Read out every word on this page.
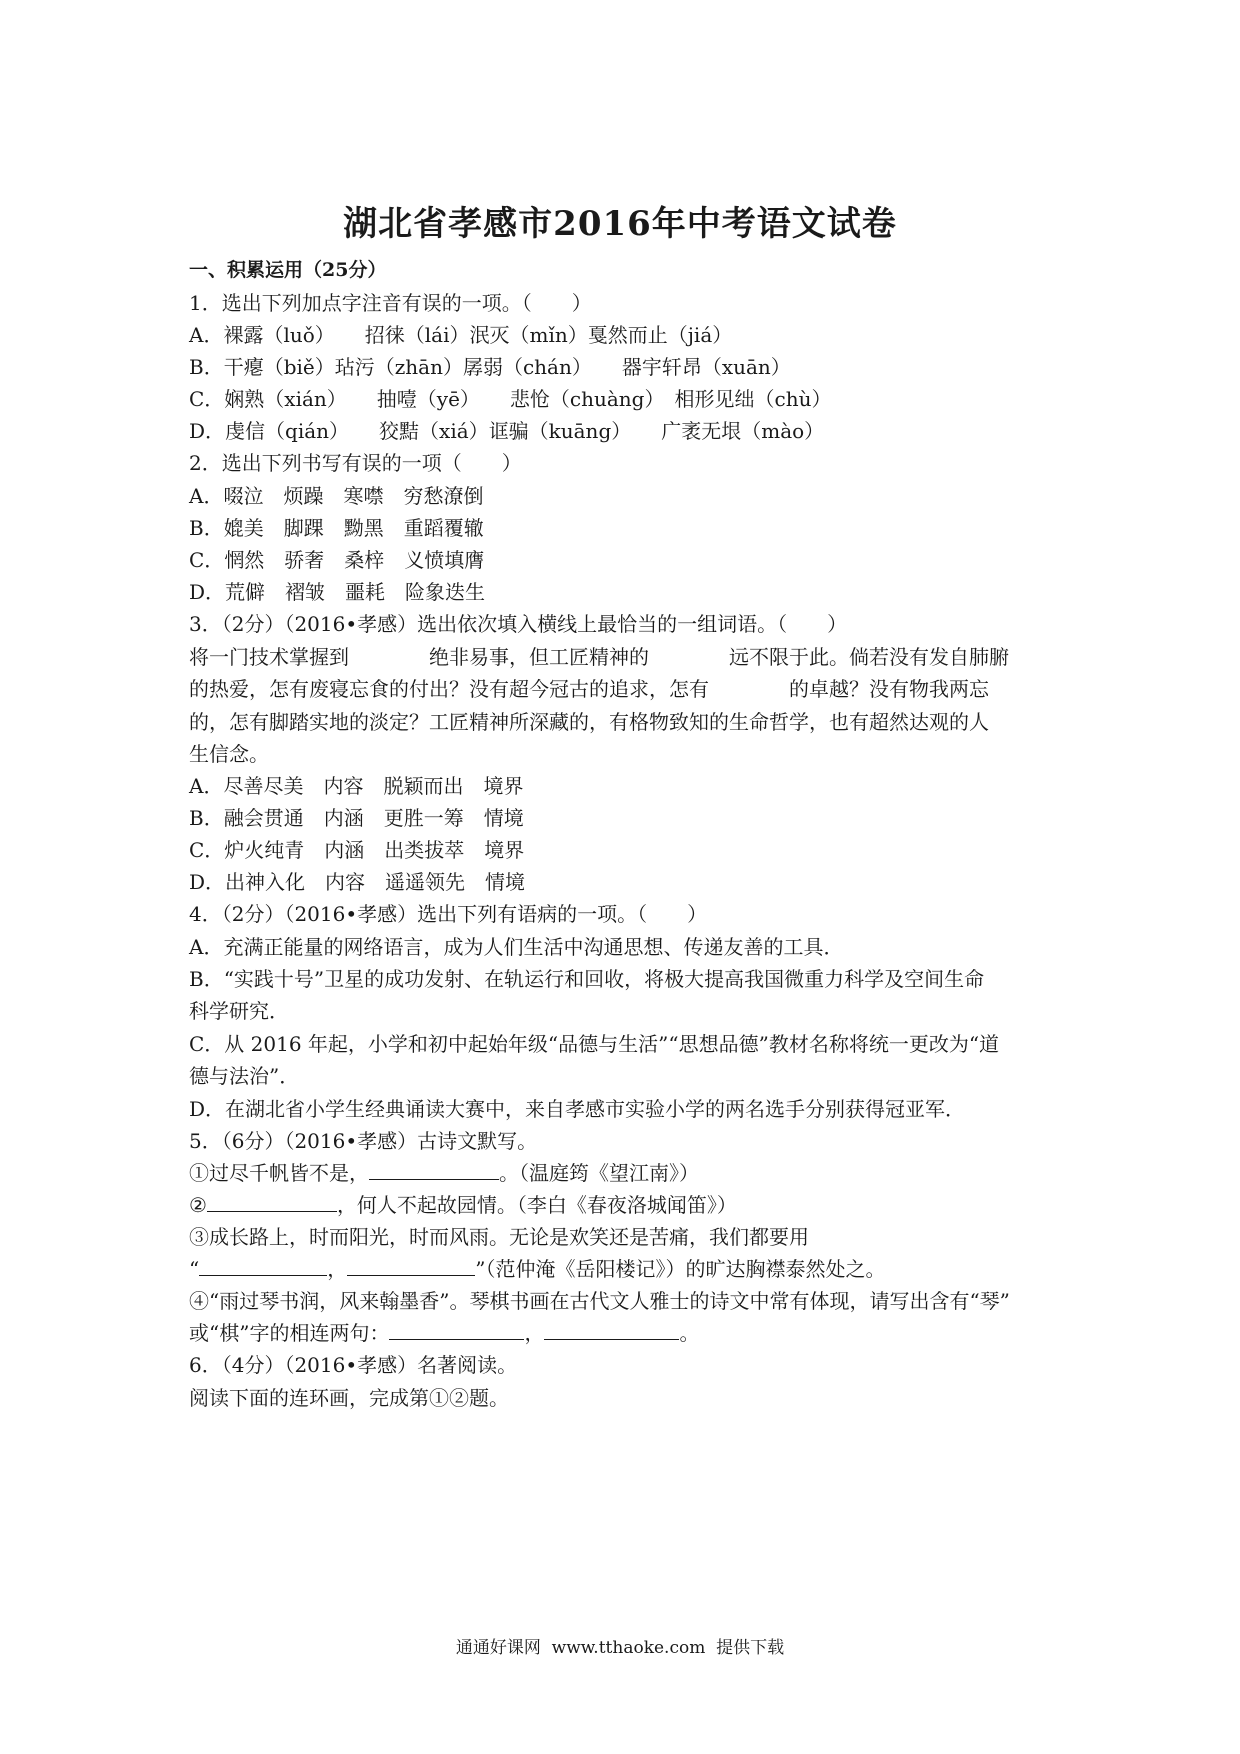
湖北省孝感市2016年中考语文试卷
一、积累运用（25分）
1．选出下列加点字注音有误的一项。（　　）
A．裸露（luǒ）　　招徕（lái）泯灭（mǐn）戛然而止（jiá）
B．干瘪（biě）玷污（zhān）孱弱（chán）　　器宇轩昂（xuān）
C．娴熟（xián）　　抽噎（yē）　　悲怆（chuàng）　相形见绌（chù）
D．虔信（qián）　　狡黠（xiá）诓骗（kuāng）　　广袤无垠（mào）
2．选出下列书写有误的一项（　　）
A．啜泣　烦躁　寒噤　穷愁潦倒
B．媲美　脚踝　黝黑　重蹈覆辙
C．惘然　骄奢　桑梓　义愤填膺
D．荒僻　褶皱　噩耗　险象迭生
3．（2分）（2016•孝感）选出依次填入横线上最恰当的一组词语。（　　）
将一门技术掌握到　　　　绝非易事，但工匠精神的　　　　远不限于此。倘若没有发自肺腑
的热爱，怎有废寝忘食的付出？没有超今冠古的追求，怎有　　　　的卓越？没有物我两忘
的，怎有脚踏实地的淡定？工匠精神所深藏的，有格物致知的生命哲学，也有超然达观的人
生信念。
A．尽善尽美　内容　脱颖而出　境界
B．融会贯通　内涵　更胜一筹　情境
C．炉火纯青　内涵　出类拔萃　境界
D．出神入化　内容　遥遥领先　情境
4．（2分）（2016•孝感）选出下列有语病的一项。（　　）
A．充满正能量的网络语言，成为人们生活中沟通思想、传递友善的工具．
B．“实践十号”卫星的成功发射、在轨运行和回收，将极大提高我国微重力科学及空间生命
科学研究．
C．从 2016 年起，小学和初中起始年级“品德与生活”“思想品德”教材名称将统一更改为“道
德与法治”．
D．在湖北省小学生经典诵读大赛中，来自孝感市实验小学的两名选手分别获得冠亚军．
5．（6分）（2016•孝感）古诗文默写。
①过尽千帆皆不是，	。（温庭筠《望江南》）
②	，何人不起故园情。（李白《春夜洛城闻笛》）
③成长路上，时而阳光，时而风雨。无论是欢笑还是苦痛，我们都要用
“	，	”（范仲淹《岳阳楼记》）的旷达胸襟泰然处之。
④“雨过琴书润，风来翰墨香”。琴棋书画在古代文人雅士的诗文中常有体现，请写出含有“琴”
或“棋”字的相连两句：	，	。
6．（4分）（2016•孝感）名著阅读。
阅读下面的连环画，完成第①②题。
通通好课网  www.tthaoke.com  提供下载
